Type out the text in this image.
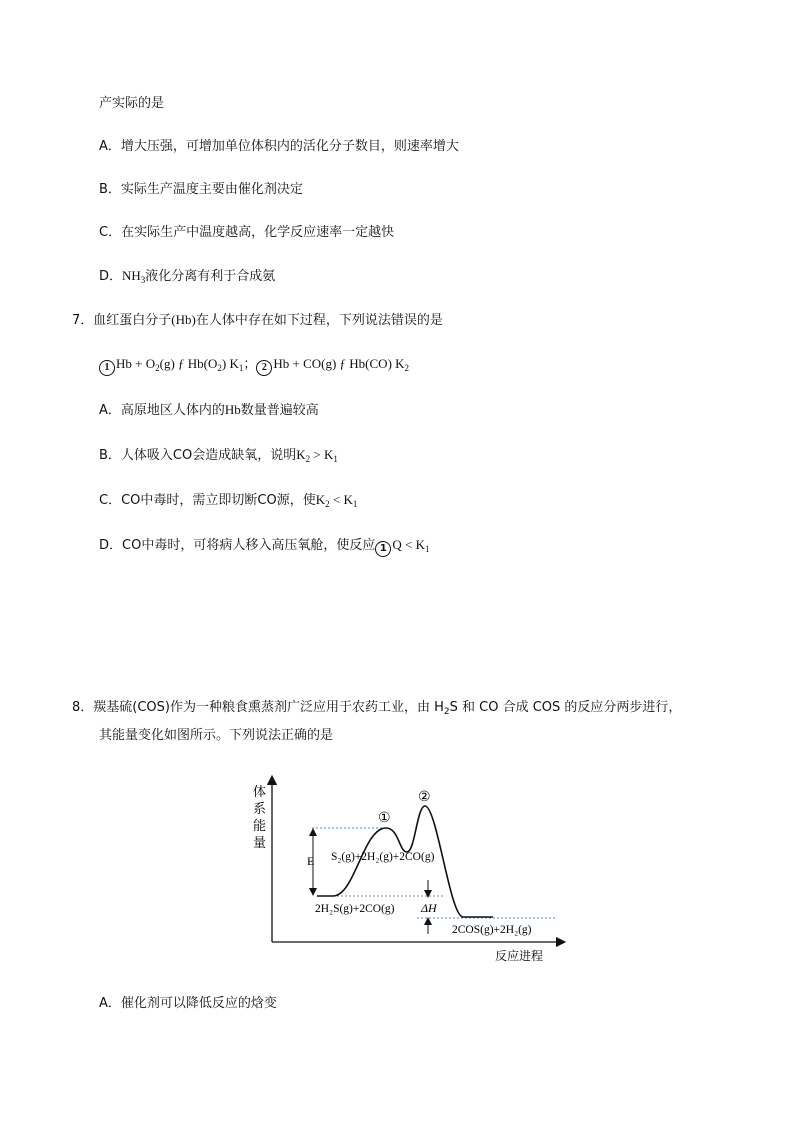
产实际的是
A．增大压强，可增加单位体积内的活化分子数目，则速率增大
B．实际生产温度主要由催化剂决定
C．在实际生产中温度越高，化学反应速率一定越快
D．$NH_3$液化分离有利于合成氨
7．血红蛋白分子(Hb)在人体中存在如下过程，下列说法错误的是
1 $Hb + O_2(g)$ ƒ $Hb(O_2)$ $K_1$； 2 Hb + CO(g) ƒ Hb(CO) $K_2$
A．高原地区人体内的Hb数量普遍较高
B．人体吸入CO会造成缺氧，说明$K_2 > K_1$
C．CO中毒时，需立即切断CO源，使$K_2 < K_1$
D．CO中毒时，可将病人移入高压氧舱，使反应 1 $Q < K_1$
8．羰基硫(COS)作为一种粮食熏蒸剂广泛应用于农药工业，由 $H_2S$ 和 CO 合成 COS 的反应分两步进行，
其能量变化如图所示。下列说法正确的是
体
系
能
量
反应进程
E
ΔH
①
②
S₂(g)+2H₂(g)+2CO(g)
2H₂S(g)+2CO(g)
2COS(g)+2H₂(g)
A．催化剂可以降低反应的焓变
